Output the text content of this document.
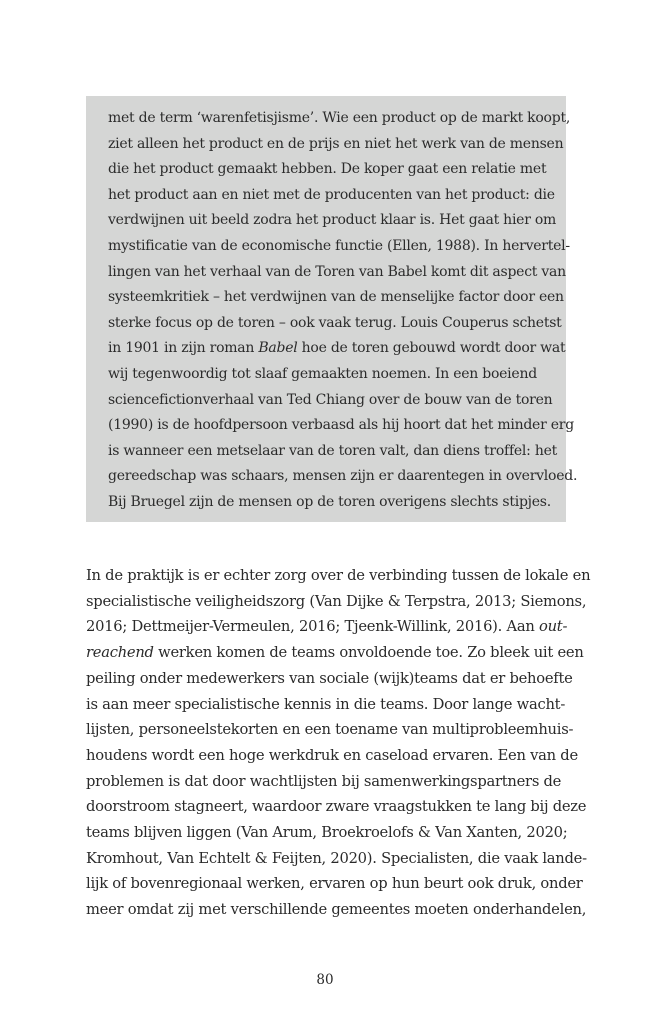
met de term ‘warenfetisjisme’. Wie een product op de markt koopt,
ziet alleen het product en de prijs en niet het werk van de mensen
die het product gemaakt hebben. De koper gaat een relatie met
het product aan en niet met de producenten van het product: die
verdwijnen uit beeld zodra het product klaar is. Het gaat hier om
mystificatie van de economische functie (Ellen, 1988). In hervertel-
lingen van het verhaal van de Toren van Babel komt dit aspect van
systeemkritiek – het verdwijnen van de menselijke factor door een
sterke focus op de toren – ook vaak terug. Louis Couperus schetst
in 1901 in zijn roman Babel hoe de toren gebouwd wordt door wat
wij tegenwoordig tot slaaf gemaakten noemen. In een boeiend
sciencefictionverhaal van Ted Chiang over de bouw van de toren
(1990) is de hoofdpersoon verbaasd als hij hoort dat het minder erg
is wanneer een metselaar van de toren valt, dan diens troffel: het
gereedschap was schaars, mensen zijn er daarentegen in overvloed.
Bij Bruegel zijn de mensen op de toren overigens slechts stipjes.
In de praktijk is er echter zorg over de verbinding tussen de lokale en
specialistische veiligheidszorg (Van Dijke & Terpstra, 2013; Siemons,
2016; Dettmeijer-Vermeulen, 2016; Tjeenk-Willink, 2016). Aan out-
reachend werken komen de teams onvoldoende toe. Zo bleek uit een
peiling onder medewerkers van sociale (wijk)teams dat er behoefte
is aan meer specialistische kennis in die teams. Door lange wacht-
lijsten, personeelstekorten en een toename van multiprobleemhuis-
houdens wordt een hoge werkdruk en caseload ervaren. Een van de
problemen is dat door wachtlijsten bij samenwerkingspartners de
doorstroom stagneert, waardoor zware vraagstukken te lang bij deze
teams blijven liggen (Van Arum, Broekroelofs & Van Xanten, 2020;
Kromhout, Van Echtelt & Feijten, 2020). Specialisten, die vaak lande-
lijk of bovenregionaal werken, ervaren op hun beurt ook druk, onder
meer omdat zij met verschillende gemeentes moeten onderhandelen,
80
